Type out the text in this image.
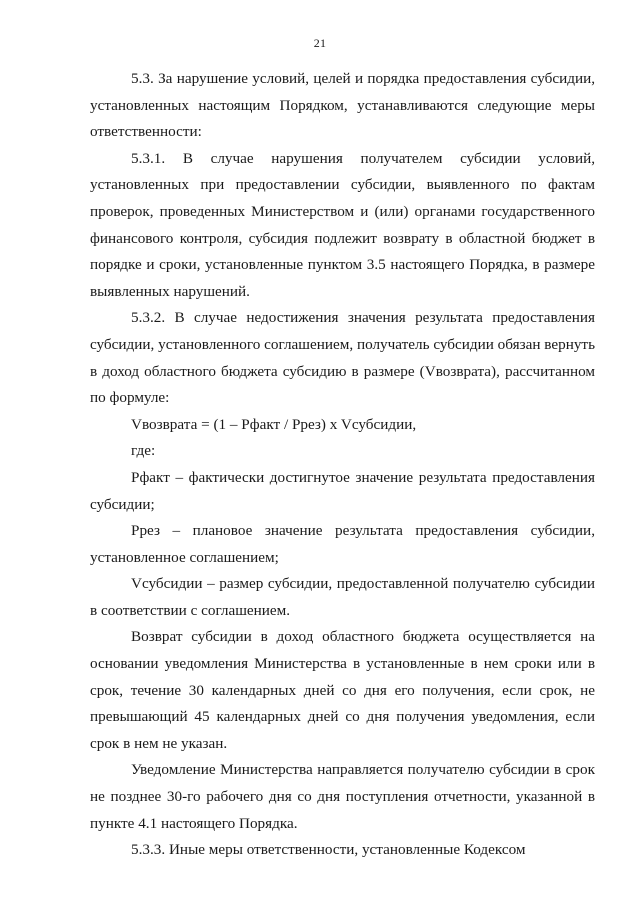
21

5.3. За нарушение условий, целей и порядка предоставления субсидии, установленных настоящим Порядком, устанавливаются следующие меры ответственности:

5.3.1. В случае нарушения получателем субсидии условий, установленных при предоставлении субсидии, выявленного по фактам проверок, проведенных Министерством и (или) органами государственного финансового контроля, субсидия подлежит возврату в областной бюджет в порядке и сроки, установленные пунктом 3.5 настоящего Порядка, в размере выявленных нарушений.

5.3.2. В случае недостижения значения результата предоставления субсидии, установленного соглашением, получатель субсидии обязан вернуть в доход областного бюджета субсидию в размере (Vвозврата), рассчитанном по формуле:

Vвозврата = (1 – Рфакт / Ррез) x Vсубсидии,

где:

Рфакт – фактически достигнутое значение результата предоставления субсидии;

Ррез – плановое значение результата предоставления субсидии, установленное соглашением;

Vсубсидии – размер субсидии, предоставленной получателю субсидии в соответствии с соглашением.

Возврат субсидии в доход областного бюджета осуществляется на основании уведомления Министерства в установленные в нем сроки или в срок, течение 30 календарных дней со дня его получения, если срок, не превышающий 45 календарных дней со дня получения уведомления, если срок в нем не указан.

Уведомление Министерства направляется получателю субсидии в срок не позднее 30-го рабочего дня со дня поступления отчетности, указанной в пункте 4.1 настоящего Порядка.

5.3.3. Иные меры ответственности, установленные Кодексом
